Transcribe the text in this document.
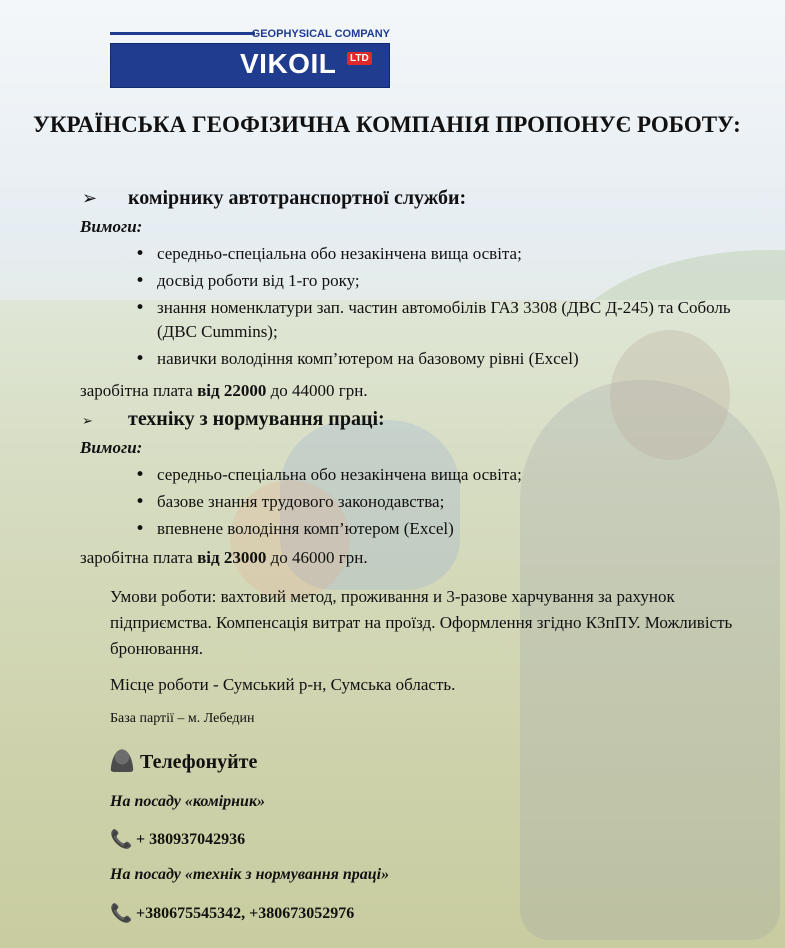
GEOPHYSICAL COMPANY
VIKOIL	LTD
УКРАЇНСЬКА ГЕОФІЗИЧНА КОМПАНІЯ ПРОПОНУЄ РОБОТУ:
➢ комірнику автотранспортної служби:
Вимоги:
• середньо-спеціальна обо незакінчена вища освіта;
• досвід роботи від 1-го року;
• знання номенклатури зап. частин автомобілів ГАЗ 3308 (ДВС Д-245) та Соболь (ДВС Cummins);
• навички володіння комп’ютером на базовому рівні (Excel)
заробітна плата від 22000 до 44000 грн.
➢ техніку з нормування праці:
Вимоги:
• середньо-спеціальна обо незакінчена вища освіта;
• базове знання трудового законодавства;
• впевнене володіння комп’ютером (Excel)
заробітна плата від 23000 до 46000 грн.

Умови роботи: вахтовий метод, проживання и 3-разове харчування за рахунок підприємства. Компенсація витрат на проїзд. Оформлення згідно КЗпПУ. Можливість бронювання.

Місце роботи - Сумський р-н, Сумська область.

База партії – м. Лебедин

Телефонуйте
На посаду «комірник»
📞 + 380937042936
На посаду «технік з нормування праці»
📞 +380675545342, +380673052976
